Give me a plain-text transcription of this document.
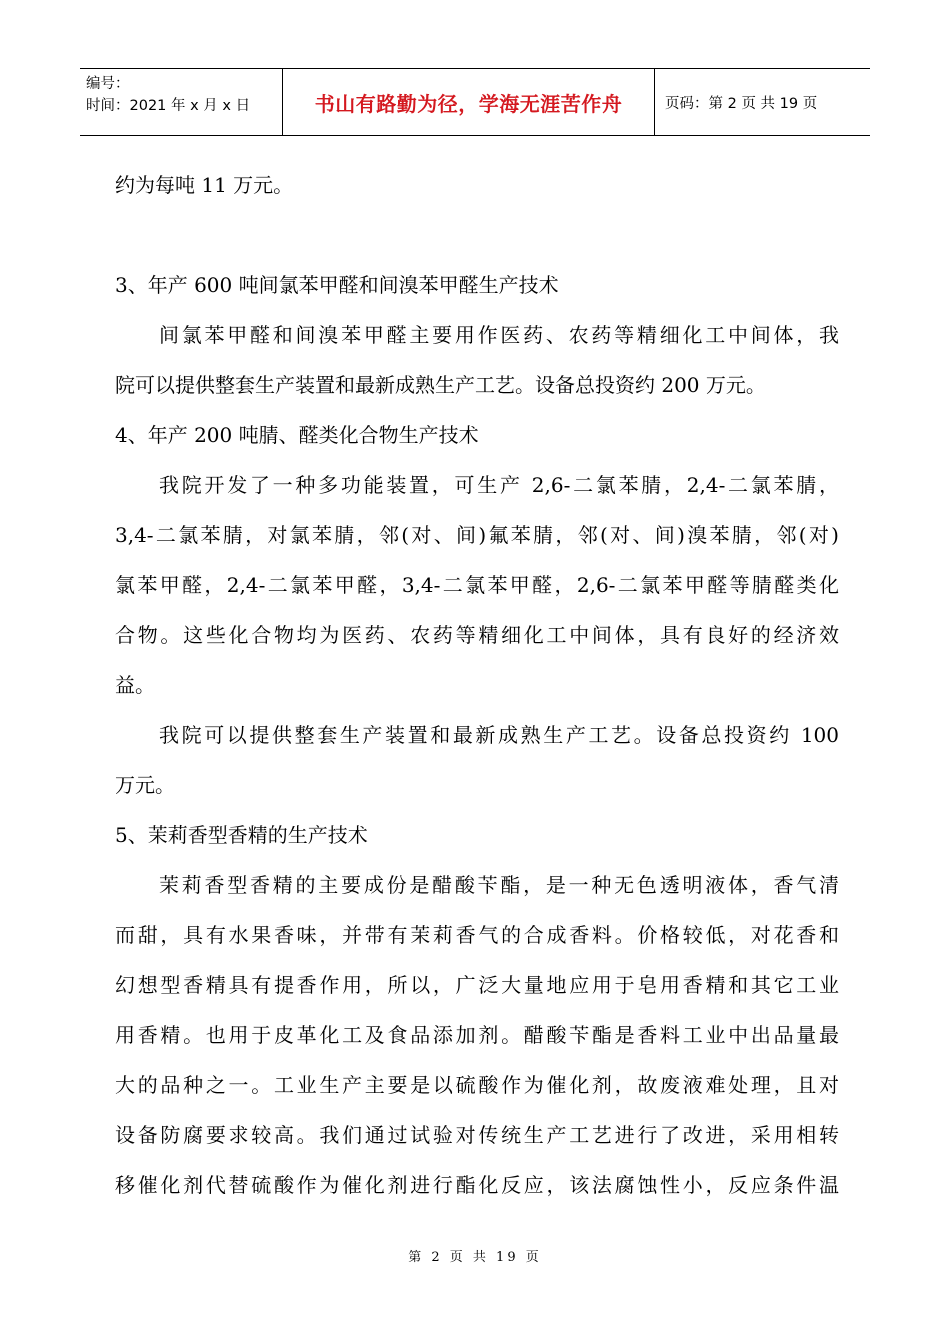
编号：
时间：2021 年 x 月 x 日	书山有路勤为径，学海无涯苦作舟	页码：第 2 页 共 19 页
约为每吨 11 万元。
3、年产 600 吨间氯苯甲醛和间溴苯甲醛生产技术
间氯苯甲醛和间溴苯甲醛主要用作医药、农药等精细化工中间体，我
院可以提供整套生产装置和最新成熟生产工艺。设备总投资约 200 万元。
4、年产 200 吨腈、醛类化合物生产技术
我院开发了一种多功能装置，可生产 2,6-二氯苯腈，2,4-二氯苯腈，
3,4-二氯苯腈，对氯苯腈，邻(对、间)氟苯腈，邻(对、间)溴苯腈，邻(对)
氯苯甲醛，2,4-二氯苯甲醛，3,4-二氯苯甲醛，2,6-二氯苯甲醛等腈醛类化
合物。这些化合物均为医药、农药等精细化工中间体，具有良好的经济效
益。
我院可以提供整套生产装置和最新成熟生产工艺。设备总投资约 100
万元。
5、茉莉香型香精的生产技术
茉莉香型香精的主要成份是醋酸苄酯，是一种无色透明液体，香气清
而甜，具有水果香味，并带有茉莉香气的合成香料。价格较低，对花香和
幻想型香精具有提香作用，所以，广泛大量地应用于皂用香精和其它工业
用香精。也用于皮革化工及食品添加剂。醋酸苄酯是香料工业中出品量最
大的品种之一。工业生产主要是以硫酸作为催化剂，故废液难处理，且对
设备防腐要求较高。我们通过试验对传统生产工艺进行了改进，采用相转
移催化剂代替硫酸作为催化剂进行酯化反应，该法腐蚀性小，反应条件温
第 2 页 共 19 页
